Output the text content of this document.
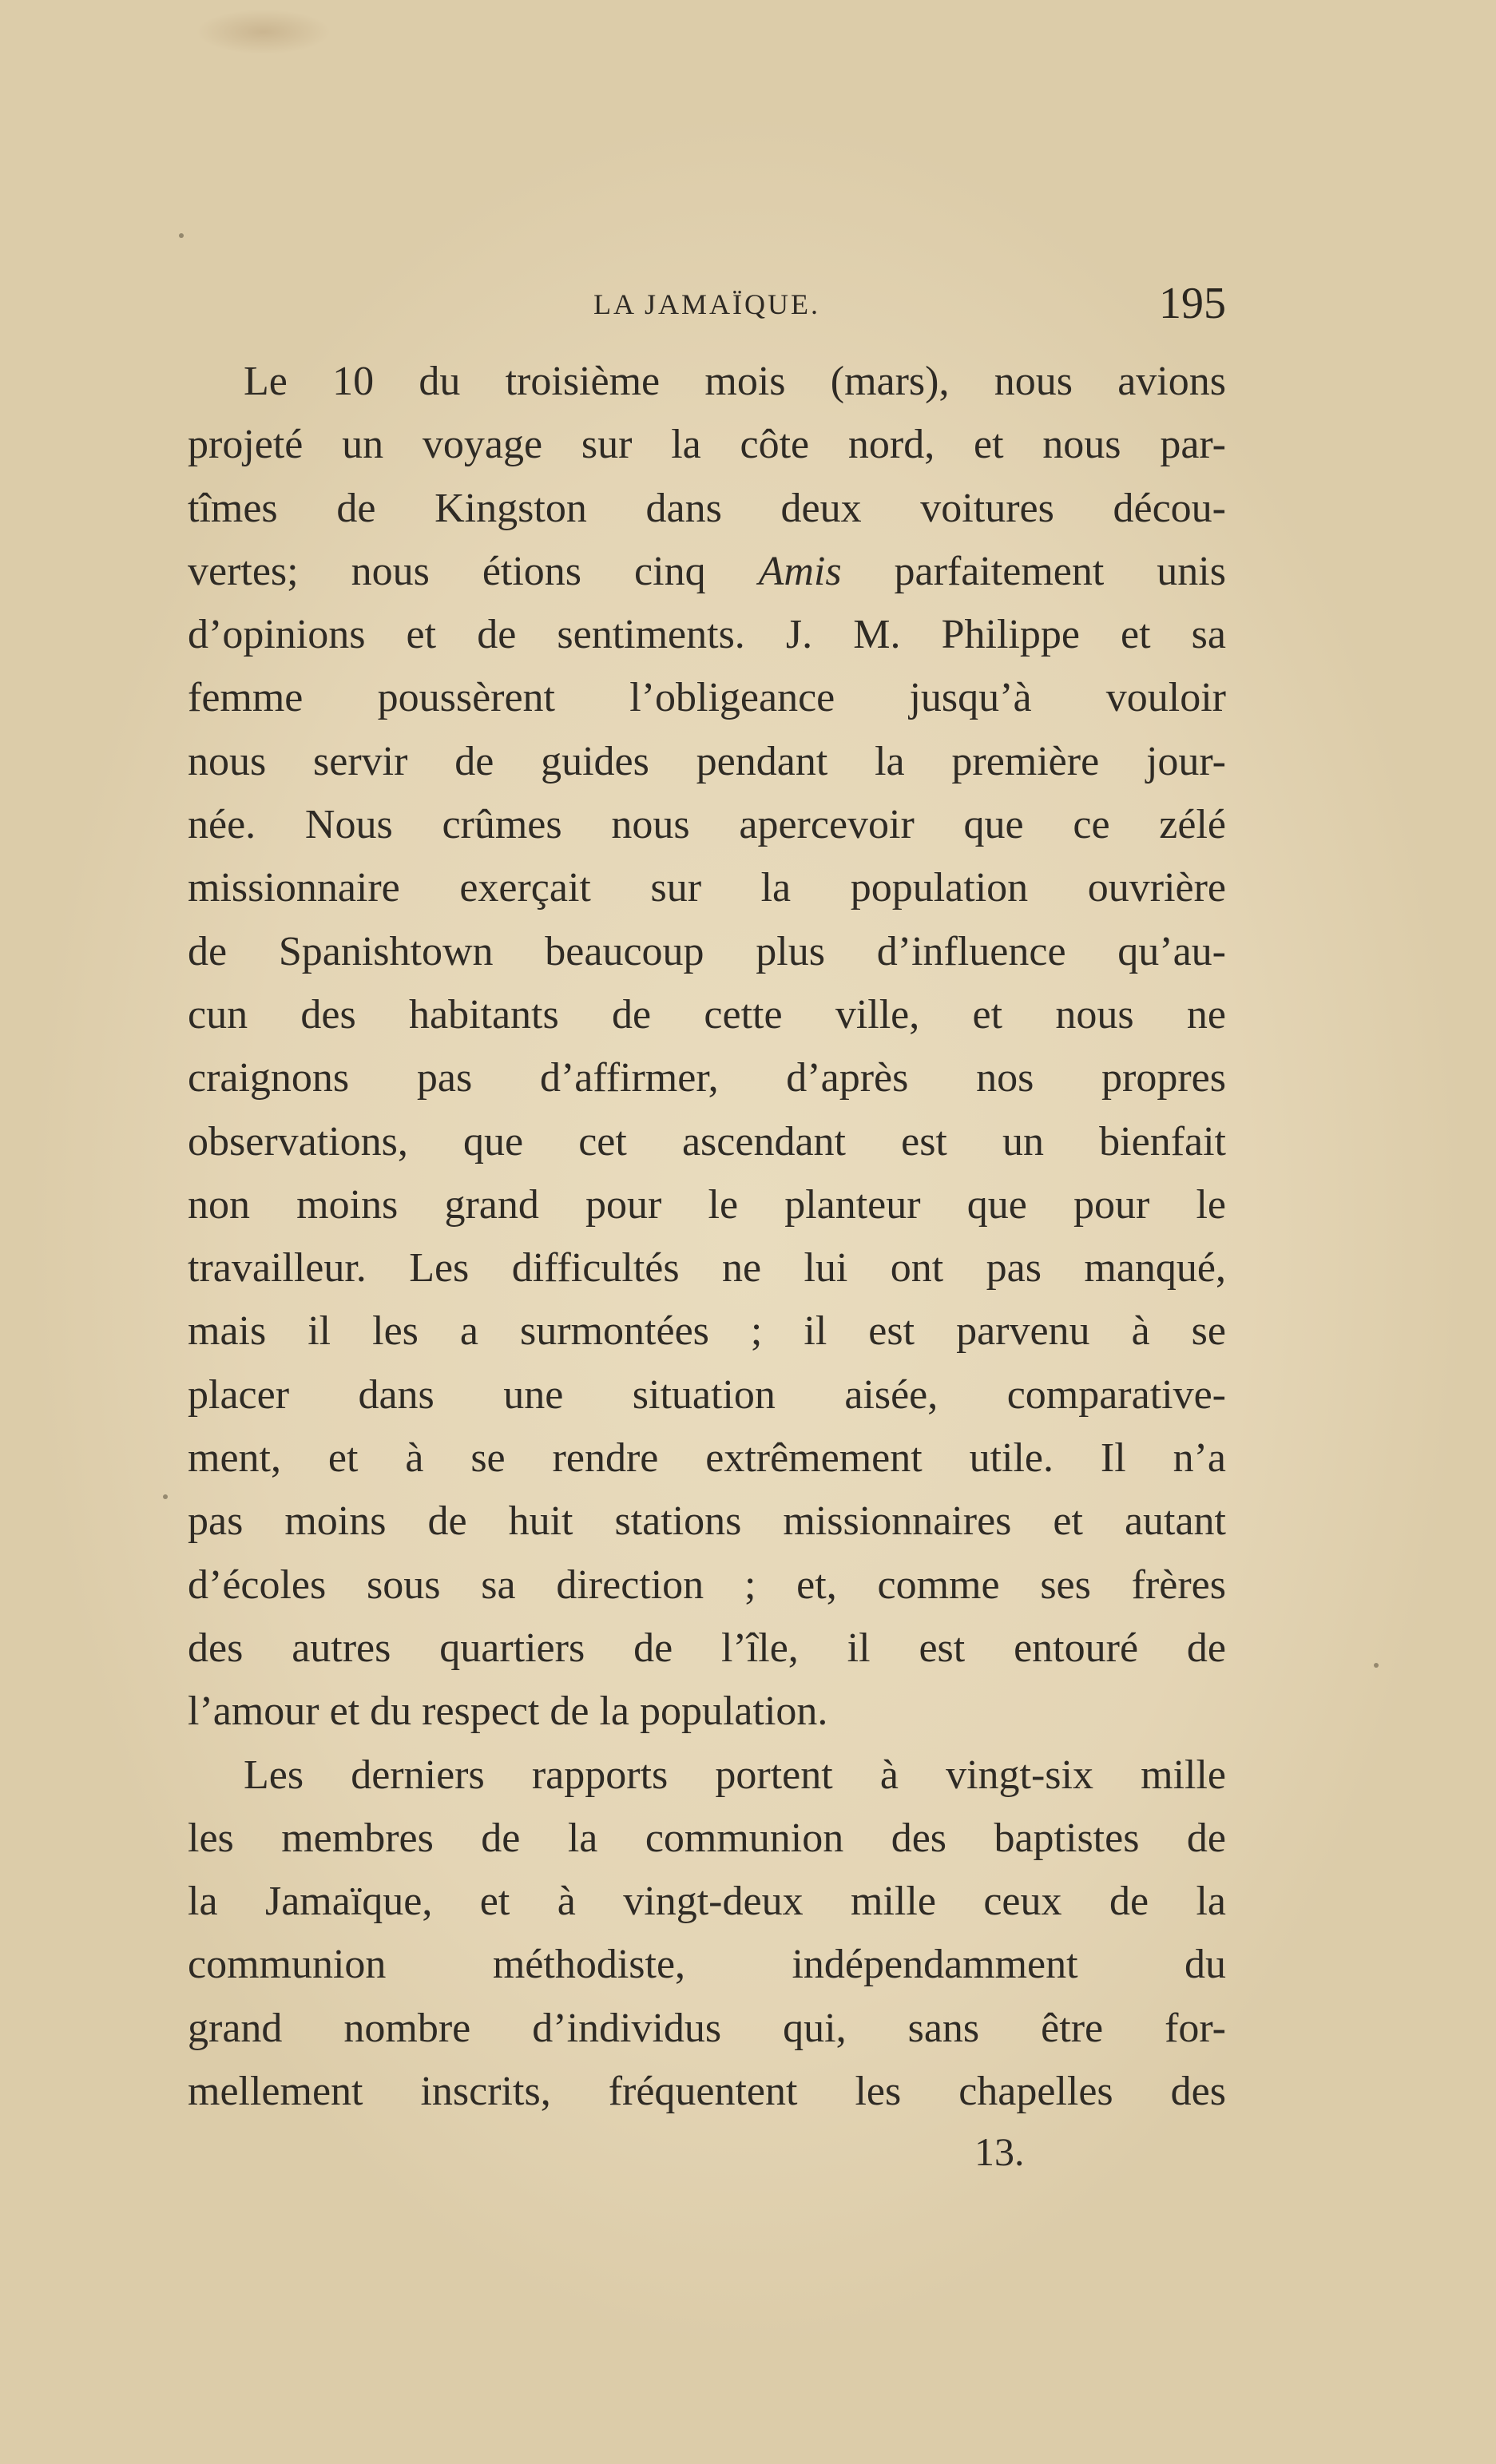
LA JAMAÏQUE.	195
Le 10 du troisième mois (mars), nous avions
projeté un voyage sur la côte nord, et nous par-
tîmes de Kingston dans deux voitures décou-
vertes; nous étions cinq Amis parfaitement unis
d’opinions et de sentiments. J. M. Philippe et sa
femme poussèrent l’obligeance jusqu’à vouloir
nous servir de guides pendant la première jour-
née. Nous crûmes nous apercevoir que ce zélé
missionnaire exerçait sur la population ouvrière
de Spanishtown beaucoup plus d’influence qu’au-
cun des habitants de cette ville, et nous ne
craignons pas d’affirmer, d’après nos propres
observations, que cet ascendant est un bienfait
non moins grand pour le planteur que pour le
travailleur. Les difficultés ne lui ont pas manqué,
mais il les a surmontées ; il est parvenu à se
placer dans une situation aisée, comparative-
ment, et à se rendre extrêmement utile. Il n’a
pas moins de huit stations missionnaires et autant
d’écoles sous sa direction ; et, comme ses frères
des autres quartiers de l’île, il est entouré de
l’amour et du respect de la population.
Les derniers rapports portent à vingt-six mille
les membres de la communion des baptistes de
la Jamaïque, et à vingt-deux mille ceux de la
communion méthodiste, indépendamment du
grand nombre d’individus qui, sans être for-
mellement inscrits, fréquentent les chapelles des
13.
